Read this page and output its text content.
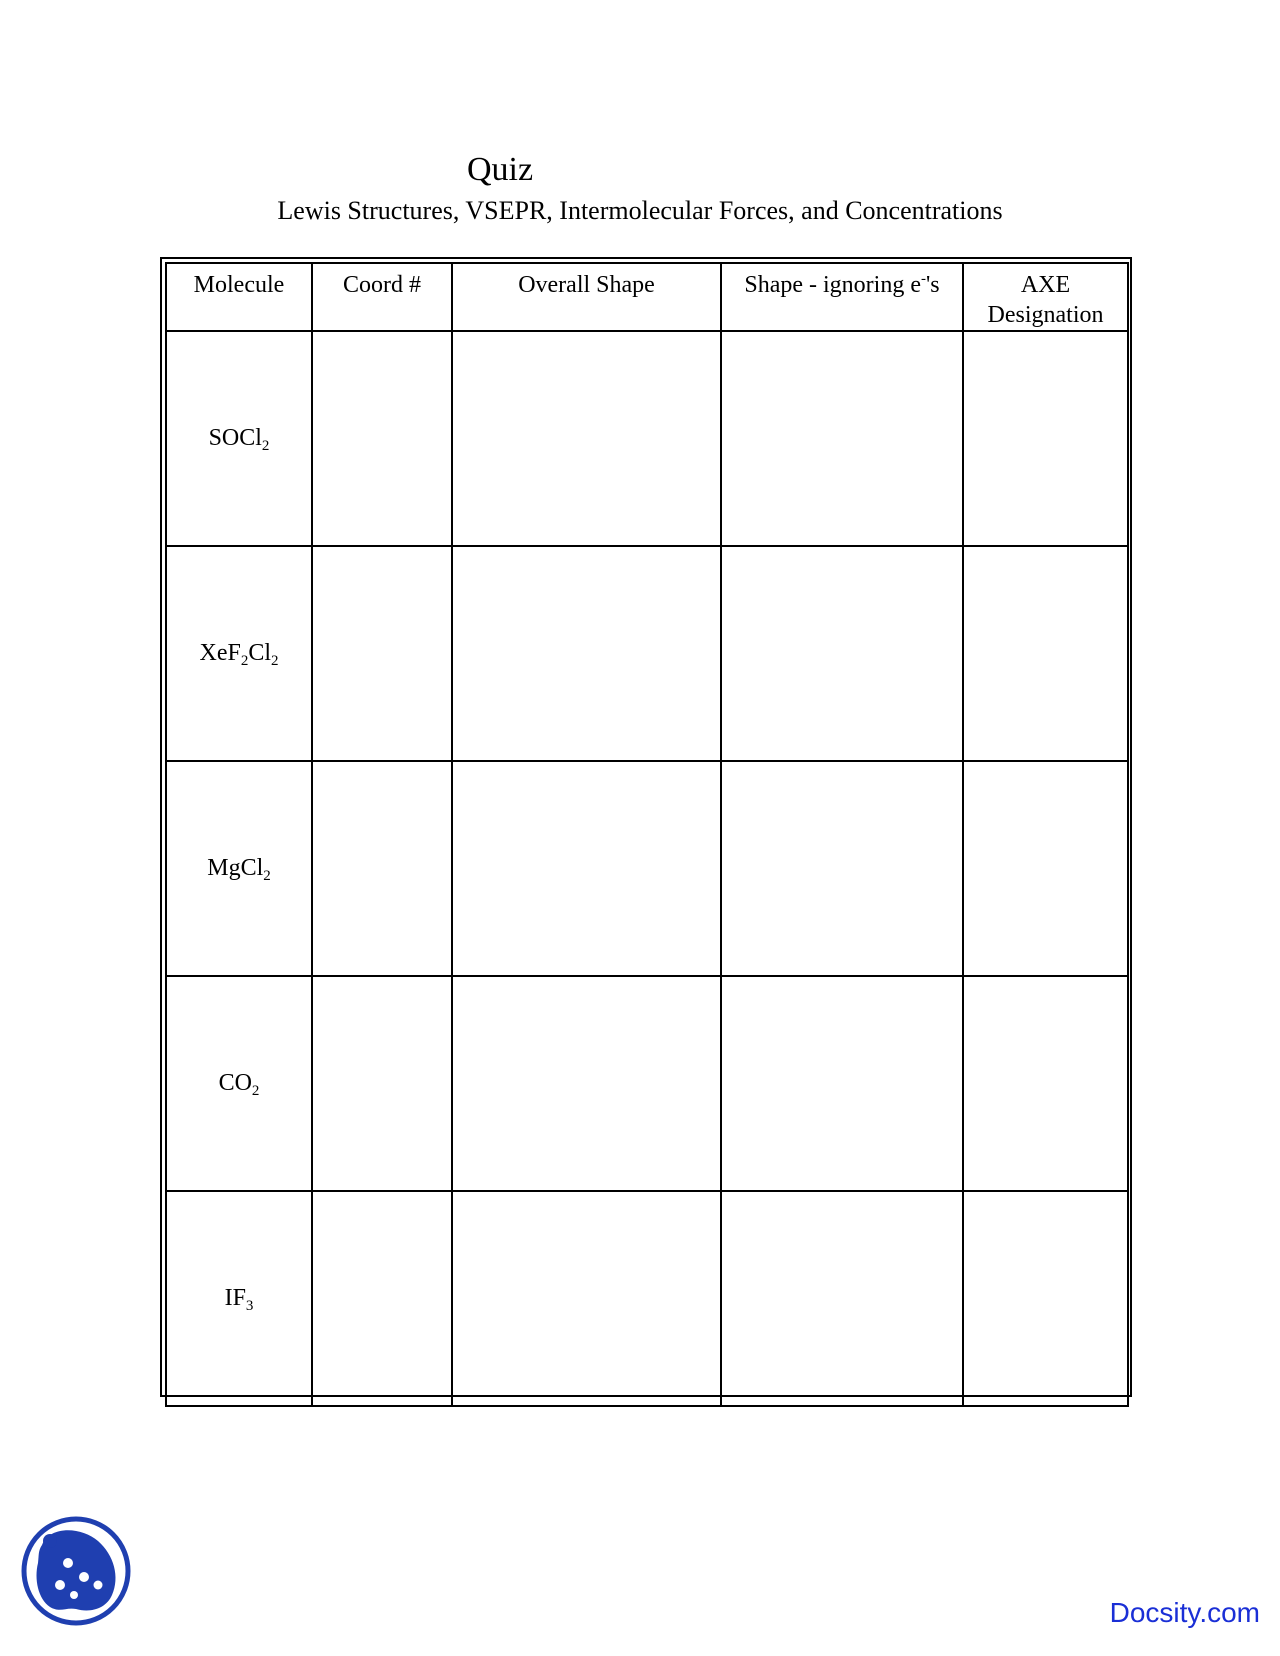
Quiz
Lewis Structures, VSEPR, Intermolecular Forces, and Concentrations
Molecule	Coord #	Overall Shape	Shape - ignoring e-'s	AXE
Designation

SOCl$_2$				
$XeF_2Cl_2$				
MgCl$_2$				
$CO_2$				
$IF_3$				
Docsity.com
